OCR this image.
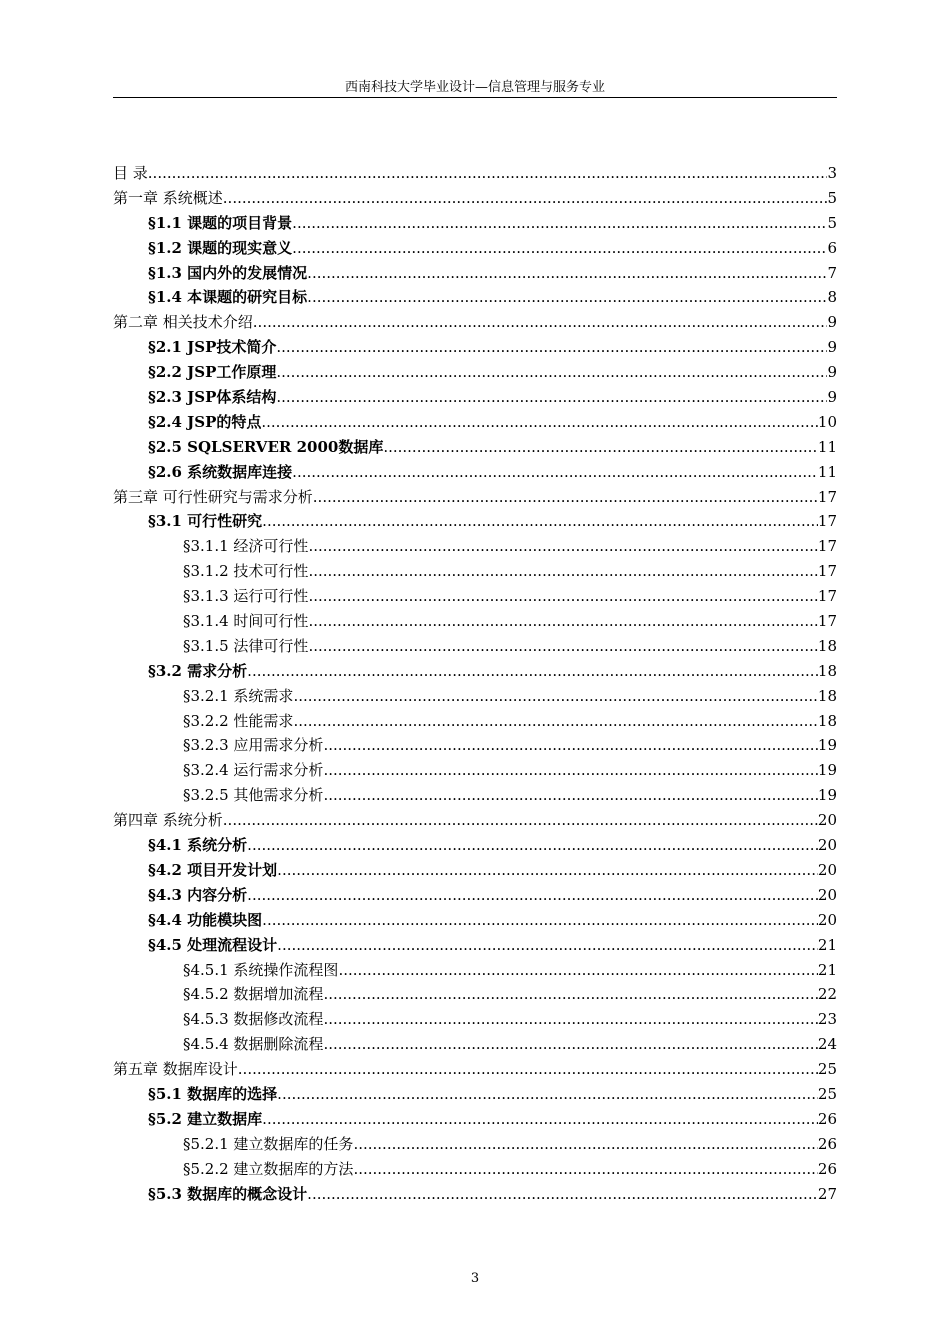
西南科技大学毕业设计—信息管理与服务专业
目 录 .....	3
第一章 系统概述 .....	5
§1.1 课题的项目背景 .....	5
§1.2 课题的现实意义 .....	6
§1.3 国内外的发展情况 .....	7
§1.4 本课题的研究目标 .....	8
第二章 相关技术介绍 .....	9
§2.1 JSP技术简介 .....	9
§2.2 JSP工作原理 .....	9
§2.3 JSP体系结构 .....	9
§2.4 JSP的特点 .....	10
§2.5 SQLSERVER 2000数据库 .....	11
§2.6 系统数据库连接 .....	11
第三章 可行性研究与需求分析 .....	17
§3.1 可行性研究 .....	17
§3.1.1 经济可行性 .....	17
§3.1.2 技术可行性 .....	17
§3.1.3 运行可行性 .....	17
§3.1.4 时间可行性 .....	17
§3.1.5 法律可行性 .....	18
§3.2 需求分析 .....	18
§3.2.1 系统需求 .....	18
§3.2.2 性能需求 .....	18
§3.2.3 应用需求分析 .....	19
§3.2.4 运行需求分析 .....	19
§3.2.5 其他需求分析 .....	19
第四章 系统分析 .....	20
§4.1 系统分析 .....	20
§4.2 项目开发计划 .....	20
§4.3 内容分析 .....	20
§4.4 功能模块图 .....	20
§4.5 处理流程设计 .....	21
§4.5.1 系统操作流程图 .....	21
§4.5.2 数据增加流程 .....	22
§4.5.3 数据修改流程 .....	23
§4.5.4 数据删除流程 .....	24
第五章 数据库设计 .....	25
§5.1 数据库的选择 .....	25
§5.2 建立数据库 .....	26
§5.2.1 建立数据库的任务 .....	26
§5.2.2 建立数据库的方法 .....	26
§5.3 数据库的概念设计 .....	27
3
